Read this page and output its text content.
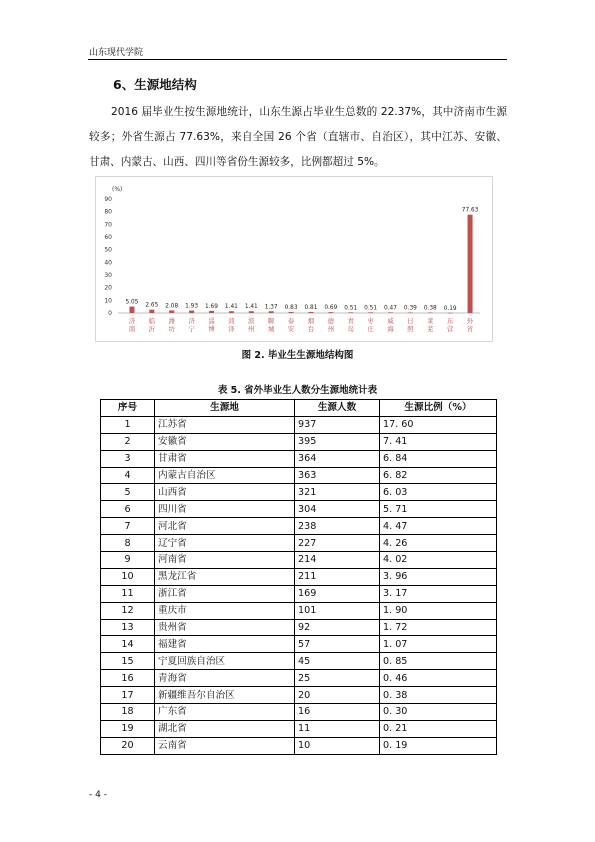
山东现代学院
6、生源地结构

2016 届毕业生按生源地统计，山东生源占毕业生总数的 22.37%，其中济南市生源较多；外省生源占 77.63%，来自全国 26 个省（直辖市、自治区），其中江苏、安徽、甘肃、内蒙古、山西、四川等省份生源较多，比例都超过 5%。

(%)
90
80
70
60
50
40
30
20
10
0
5.05
济南
2.65
临沂
2.08
潍坊
1.93
济宁
1.69
淄博
1.41
菏泽
1.41
滨州
1.37
聊城
0.83
泰安
0.81
烟台
0.69
德州
0.51
青岛
0.51
枣庄
0.47
威海
0.39
日照
0.38
莱芜
0.19
东营
77.63
外省
图 2. 毕业生生源地结构图
表 5. 省外毕业生人数分生源地统计表
序号	生源地	生源人数	生源比例（%）
1	江苏省	937	17. 60
2	安徽省	395	7. 41
3	甘肃省	364	6. 84
4	内蒙古自治区	363	6. 82
5	山西省	321	6. 03
6	四川省	304	5. 71
7	河北省	238	4. 47
8	辽宁省	227	4. 26
9	河南省	214	4. 02
10	黑龙江省	211	3. 96
11	浙江省	169	3. 17
12	重庆市	101	1. 90
13	贵州省	92	1. 72
14	福建省	57	1. 07
15	宁夏回族自治区	45	0. 85
16	青海省	25	0. 46
17	新疆维吾尔自治区	20	0. 38
18	广东省	16	0. 30
19	湖北省	11	0. 21
20	云南省	10	0. 19
- 4 -
